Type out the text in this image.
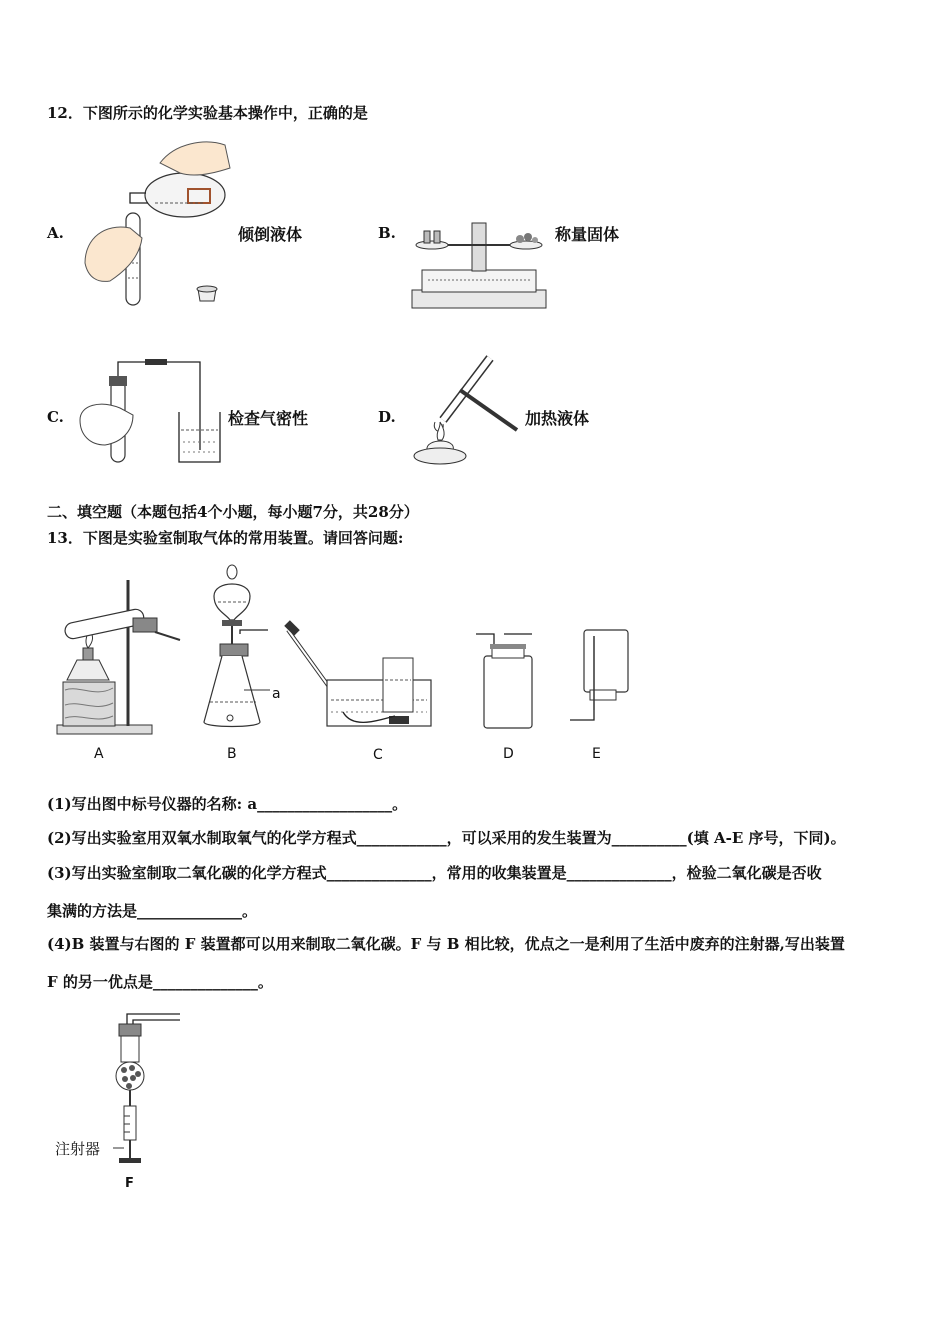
12．下图所示的化学实验基本操作中，正确的是
A.	倾倒液体	B.	称量固体
C.	检查气密性	D.	加热液体
二、填空题（本题包括4个小题，每小题7分，共28分）
13．下图是实验室制取气体的常用装置。请回答问题:
A
a
B	C	D	E
(1)写出图中标号仪器的名称: a__________________。
(2)写出实验室用双氧水制取氧气的化学方程式____________，可以采用的发生装置为__________(填 A-E 序号，下同)。
(3)写出实验室制取二氧化碳的化学方程式______________，常用的收集装置是______________，检验二氧化碳是否收
集满的方法是______________。
(4)B 装置与右图的 F 装置都可以用来制取二氧化碳。F 与 B 相比较，优点之一是利用了生活中废弃的注射器,写出装置
F 的另一优点是______________。
注射器
F
